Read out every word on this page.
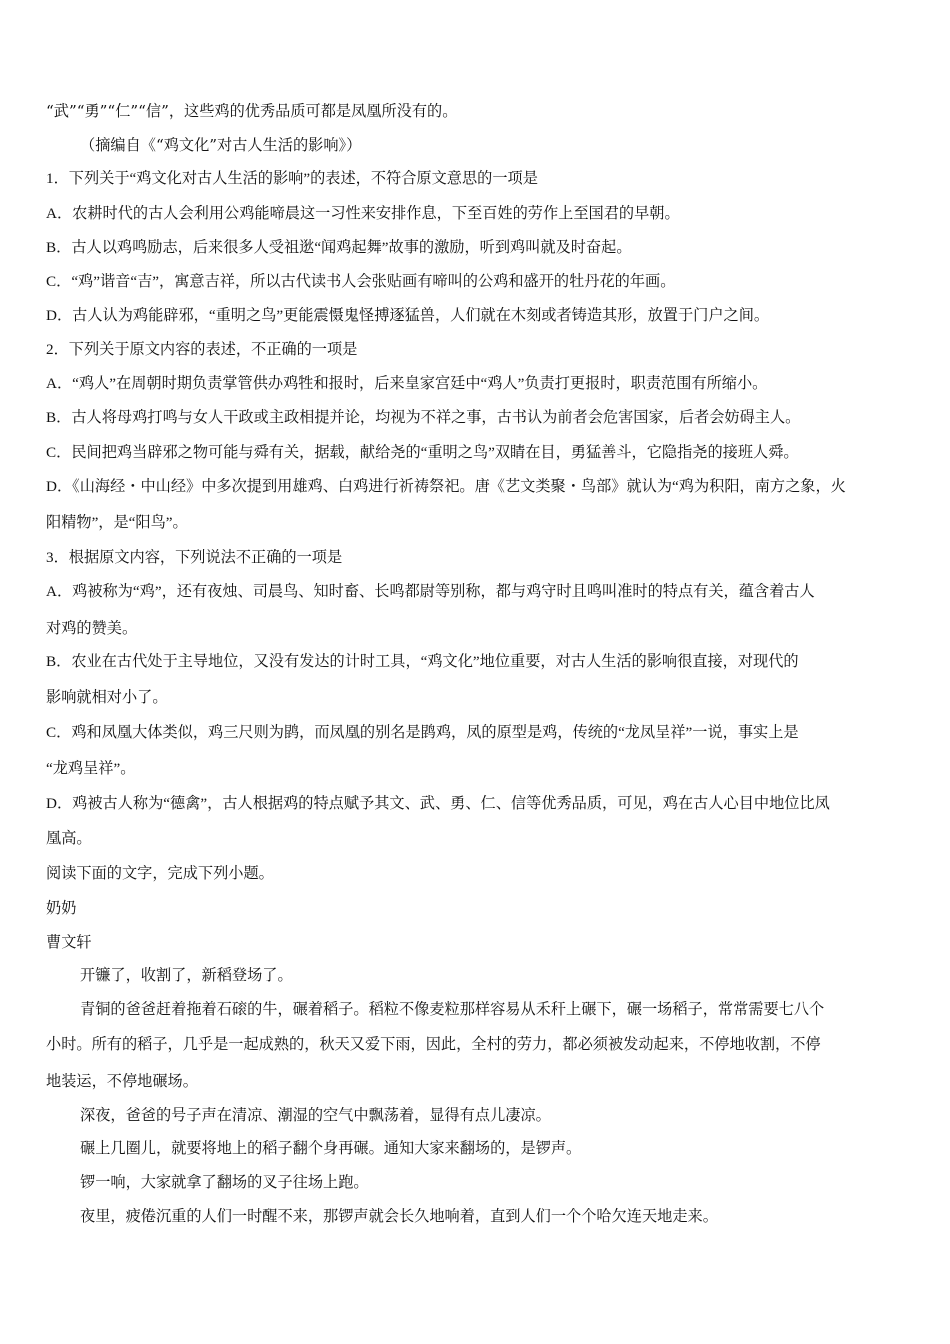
“武”“勇”“仁”“信”，这些鸡的优秀品质可都是凤凰所没有的。

（摘编自《“鸡文化”对古人生活的影响》）

1．下列关于“鸡文化对古人生活的影响”的表述，不符合原文意思的一项是

A．农耕时代的古人会利用公鸡能啼晨这一习性来安排作息，下至百姓的劳作上至国君的早朝。

B．古人以鸡鸣励志，后来很多人受祖逖“闻鸡起舞”故事的激励，听到鸡叫就及时奋起。

C．“鸡”谐音“吉”，寓意吉祥，所以古代读书人会张贴画有啼叫的公鸡和盛开的牡丹花的年画。

D．古人认为鸡能辟邪，“重明之鸟”更能震慑鬼怪搏逐猛兽，人们就在木刻或者铸造其形，放置于门户之间。

2．下列关于原文内容的表述，不正确的一项是

A．“鸡人”在周朝时期负责掌管供办鸡牲和报时，后来皇家宫廷中“鸡人”负责打更报时，职责范围有所缩小。

B．古人将母鸡打鸣与女人干政或主政相提并论，均视为不祥之事，古书认为前者会危害国家，后者会妨碍主人。

C．民间把鸡当辟邪之物可能与舜有关，据载，献给尧的“重明之鸟”双睛在目，勇猛善斗，它隐指尧的接班人舜。

D．《山海经・中山经》中多次提到用雄鸡、白鸡进行祈祷祭祀。唐《艺文类聚・鸟部》就认为“鸡为积阳，南方之象，火

阳精物”，是“阳鸟”。

3．根据原文内容，下列说法不正确的一项是

A．鸡被称为“鸡”，还有夜烛、司晨鸟、知时畜、长鸣都尉等别称，都与鸡守时且鸣叫准时的特点有关，蕴含着古人

对鸡的赞美。

B．农业在古代处于主导地位，又没有发达的计时工具，“鸡文化”地位重要，对古人生活的影响很直接，对现代的

影响就相对小了。

C．鸡和凤凰大体类似，鸡三尺则为鹍，而凤凰的别名是鹍鸡，凤的原型是鸡，传统的“龙凤呈祥”一说，事实上是

“龙鸡呈祥”。

D．鸡被古人称为“德禽”，古人根据鸡的特点赋予其文、武、勇、仁、信等优秀品质，可见，鸡在古人心目中地位比凤

凰高。

阅读下面的文字，完成下列小题。

奶奶

曹文轩

开镰了，收割了，新稻登场了。

青铜的爸爸赶着拖着石磙的牛，碾着稻子。稻粒不像麦粒那样容易从禾秆上碾下，碾一场稻子，常常需要七八个

小时。所有的稻子，几乎是一起成熟的，秋天又爱下雨，因此，全村的劳力，都必须被发动起来，不停地收割，不停

地装运，不停地碾场。

深夜，爸爸的号子声在清凉、潮湿的空气中飘荡着，显得有点儿凄凉。

碾上几圈儿，就要将地上的稻子翻个身再碾。通知大家来翻场的，是锣声。

锣一响，大家就拿了翻场的叉子往场上跑。

夜里，疲倦沉重的人们一时醒不来，那锣声就会长久地响着，直到人们一个个哈欠连天地走来。
